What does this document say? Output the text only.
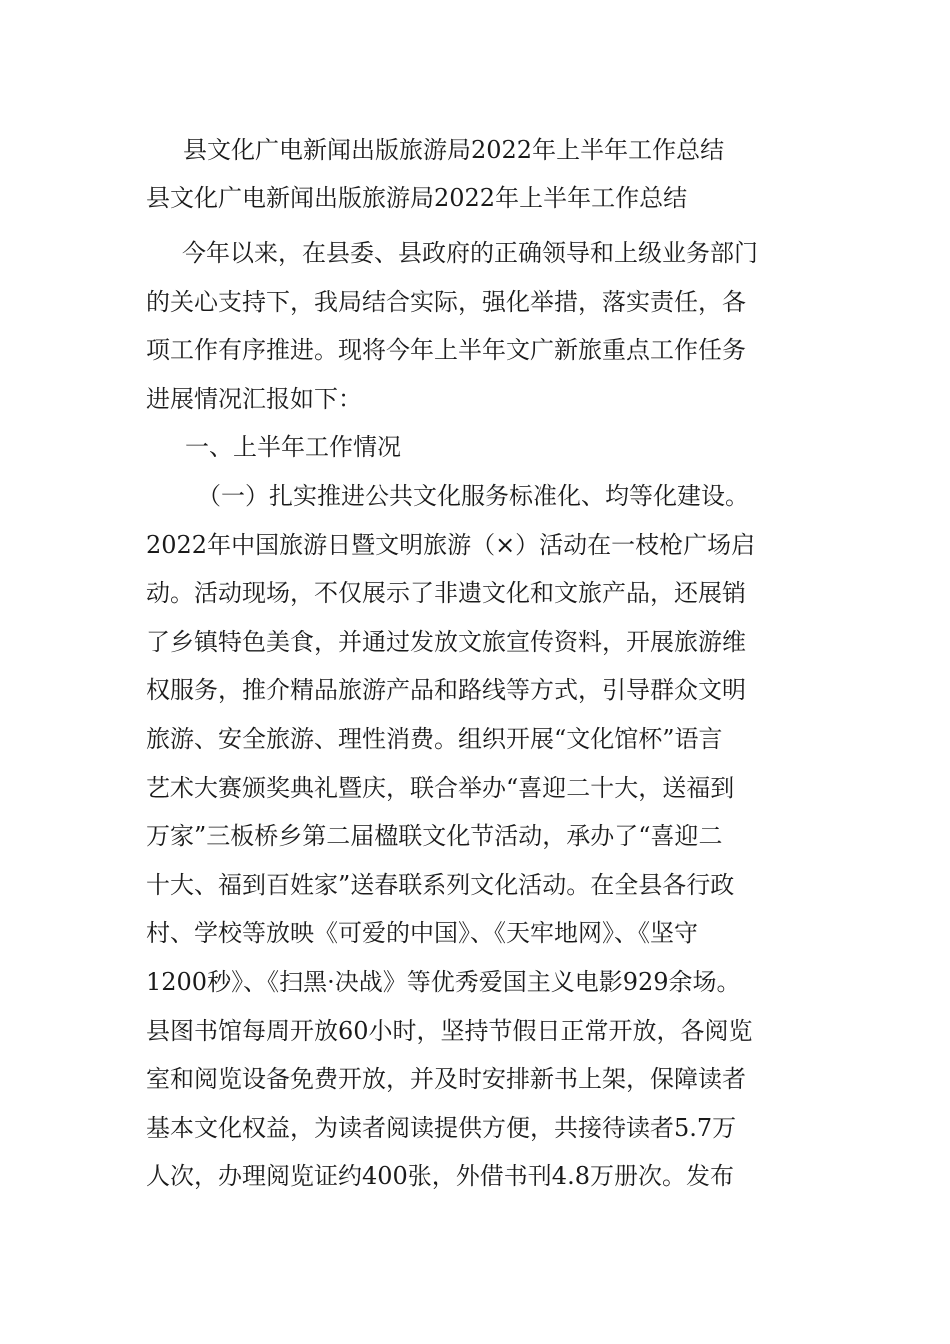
县文化广电新闻出版旅游局2022年上半年工作总结
县文化广电新闻出版旅游局2022年上半年工作总结
今年以来，在县委、县政府的正确领导和上级业务部门
的关心支持下，我局结合实际，强化举措，落实责任，各
项工作有序推进。现将今年上半年文广新旅重点工作任务
进展情况汇报如下：
一、上半年工作情况
（一）扎实推进公共文化服务标准化、均等化建设。
2022年中国旅游日暨文明旅游（×）活动在一枝枪广场启
动。活动现场，不仅展示了非遗文化和文旅产品，还展销
了乡镇特色美食，并通过发放文旅宣传资料，开展旅游维
权服务，推介精品旅游产品和路线等方式，引导群众文明
旅游、安全旅游、理性消费。组织开展“文化馆杯”语言
艺术大赛颁奖典礼暨庆，联合举办“喜迎二十大，送福到
万家”三板桥乡第二届楹联文化节活动，承办了“喜迎二
十大、福到百姓家”送春联系列文化活动。在全县各行政
村、学校等放映《可爱的中国》、《天牢地网》、《坚守
1200秒》、《扫黑·决战》等优秀爱国主义电影929余场。
县图书馆每周开放60小时，坚持节假日正常开放，各阅览
室和阅览设备免费开放，并及时安排新书上架，保障读者
基本文化权益，为读者阅读提供方便，共接待读者5.7万
人次，办理阅览证约400张，外借书刊4.8万册次。发布
